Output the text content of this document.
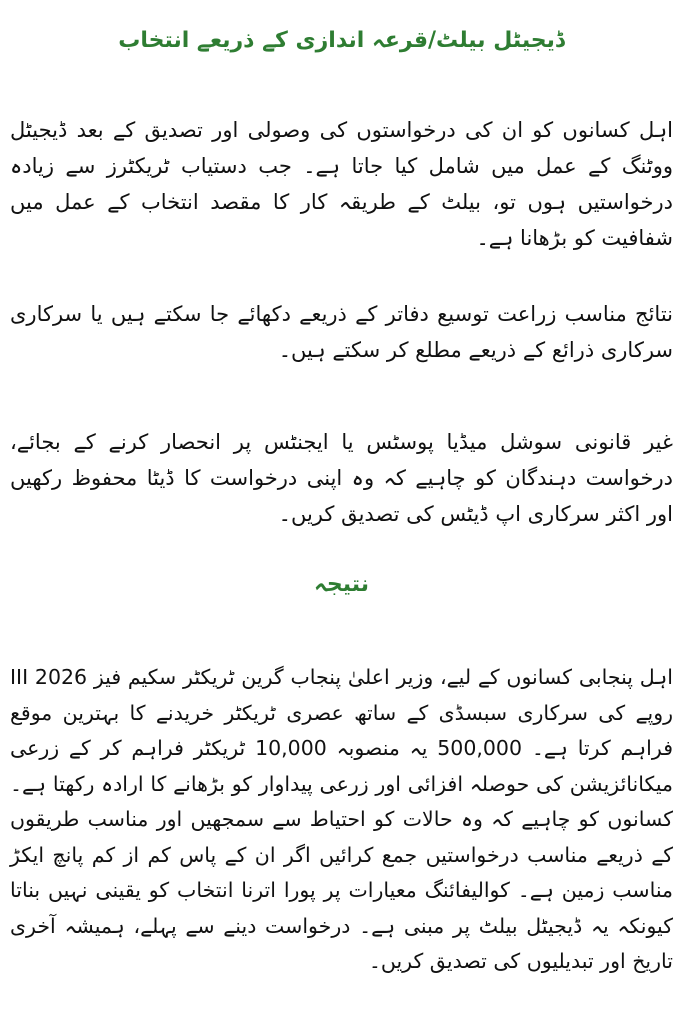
ڈیجیٹل بیلٹ/قرعہ اندازی کے ذریعے انتخاب

اہل کسانوں کو ان کی درخواستوں کی وصولی اور تصدیق کے بعد ڈیجیٹل ووٹنگ کے عمل میں شامل کیا جاتا ہے۔ جب دستیاب ٹریکٹرز سے زیادہ درخواستیں ہوں تو، بیلٹ کے طریقہ کار کا مقصد انتخاب کے عمل میں شفافیت کو بڑھانا ہے۔

نتائج مناسب زراعت توسیع دفاتر کے ذریعے دکھائے جا سکتے ہیں یا سرکاری سرکاری ذرائع کے ذریعے مطلع کر سکتے ہیں۔

غیر قانونی سوشل میڈیا پوسٹس یا ایجنٹس پر انحصار کرنے کے بجائے، درخواست دہندگان کو چاہیے کہ وہ اپنی درخواست کا ڈیٹا محفوظ رکھیں اور اکثر سرکاری اپ ڈیٹس کی تصدیق کریں۔

نتیجہ

اہل پنجابی کسانوں کے لیے، وزیر اعلیٰ پنجاب گرین ٹریکٹر سکیم فیز III 2026 روپے کی سرکاری سبسڈی کے ساتھ عصری ٹریکٹر خریدنے کا بہترین موقع فراہم کرتا ہے۔ 500,000 یہ منصوبہ 10,000 ٹریکٹر فراہم کر کے زرعی میکانائزیشن کی حوصلہ افزائی اور زرعی پیداوار کو بڑھانے کا ارادہ رکھتا ہے۔ کسانوں کو چاہیے کہ وہ حالات کو احتیاط سے سمجھیں اور مناسب طریقوں کے ذریعے مناسب درخواستیں جمع کرائیں اگر ان کے پاس کم از کم پانچ ایکڑ مناسب زمین ہے۔ کوالیفائنگ معیارات پر پورا اترنا انتخاب کو یقینی نہیں بناتا کیونکہ یہ ڈیجیٹل بیلٹ پر مبنی ہے۔ درخواست دینے سے پہلے، ہمیشہ آخری تاریخ اور تبدیلیوں کی تصدیق کریں۔
